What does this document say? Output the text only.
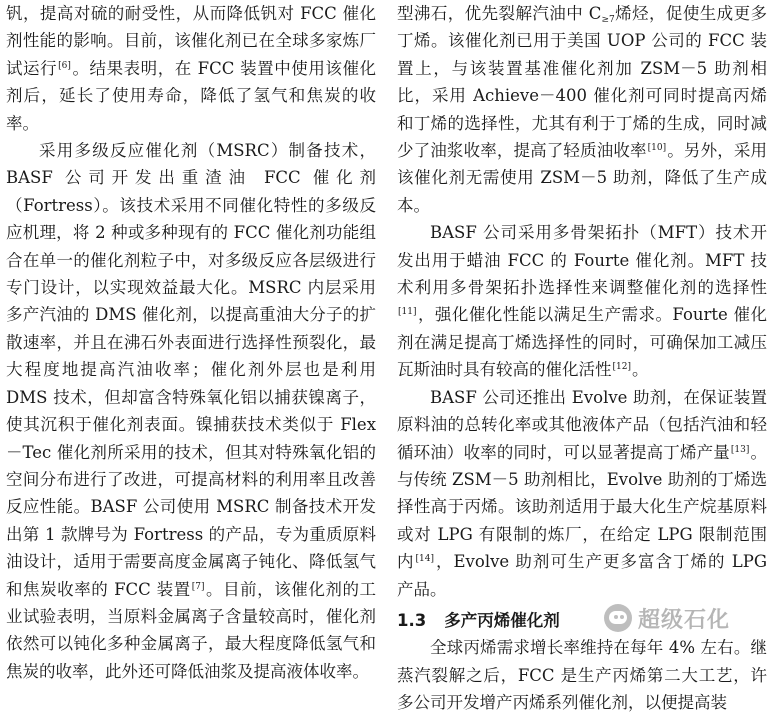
钒，提高对硫的耐受性，从而降低钒对 FCC 催化剂性能的影响。目前，该催化剂已在全球多家炼厂试运行[6]。结果表明，在 FCC 装置中使用该催化剂后，延长了使用寿命，降低了氢气和焦炭的收率。

采用多级反应催化剂（MSRC）制备技术，BASF 公司开发出重渣油 FCC 催化剂（Fortress）。该技术采用不同催化特性的多级反应机理，将 2 种或多种现有的 FCC 催化剂功能组合在单一的催化剂粒子中，对多级反应各层级进行专门设计，以实现效益最大化。MSRC 内层采用多产汽油的 DMS 催化剂，以提高重油大分子的扩散速率，并且在沸石外表面进行选择性预裂化，最大程度地提高汽油收率；催化剂外层也是利用 DMS 技术，但却富含特殊氧化铝以捕获镍离子，使其沉积于催化剂表面。镍捕获技术类似于 Flex－Tec 催化剂所采用的技术，但其对特殊氧化铝的空间分布进行了改进，可提高材料的利用率且改善反应性能。BASF 公司使用 MSRC 制备技术开发出第 1 款牌号为 Fortress 的产品，专为重质原料油设计，适用于需要高度金属离子钝化、降低氢气和焦炭收率的 FCC 装置[7]。目前，该催化剂的工业试验表明，当原料金属离子含量较高时，催化剂依然可以钝化多种金属离子，最大程度降低氢气和焦炭的收率，此外还可降低油浆及提高液体收率。

型沸石，优先裂解汽油中 $C_{\ge 7}$烯烃，促使生成更多丁烯。该催化剂已用于美国 UOP 公司的 FCC 装置上，与该装置基准催化剂加 ZSM－5 助剂相比，采用 Achieve－400 催化剂可同时提高丙烯和丁烯的选择性，尤其有利于丁烯的生成，同时减少了油浆收率，提高了轻质油收率[10]。另外，采用该催化剂无需使用 ZSM－5 助剂，降低了生产成本。

BASF 公司采用多骨架拓扑（MFT）技术开发出用于蜡油 FCC 的 Fourte 催化剂。MFT 技术利用多骨架拓扑选择性来调整催化剂的选择性[11]，强化催化性能以满足生产需求。Fourte 催化剂在满足提高丁烯选择性的同时，可确保加工减压瓦斯油时具有较高的催化活性[12]。

BASF 公司还推出 Evolve 助剂，在保证装置原料油的总转化率或其他液体产品（包括汽油和轻循环油）收率的同时，可以显著提高丁烯产量[13]。与传统 ZSM－5 助剂相比，Evolve 助剂的丁烯选择性高于丙烯。该助剂适用于最大化生产烷基原料或对 LPG 有限制的炼厂，在给定 LPG 限制范围内[14]，Evolve 助剂可生产更多富含丁烯的 LPG 产品。

1.3 多产丙烯催化剂

全球丙烯需求增长率维持在每年 4% 左右。继蒸汽裂解之后，FCC 是生产丙烯第二大工艺，许多公司开发增产丙烯系列催化剂，以便提高装

超级石化
